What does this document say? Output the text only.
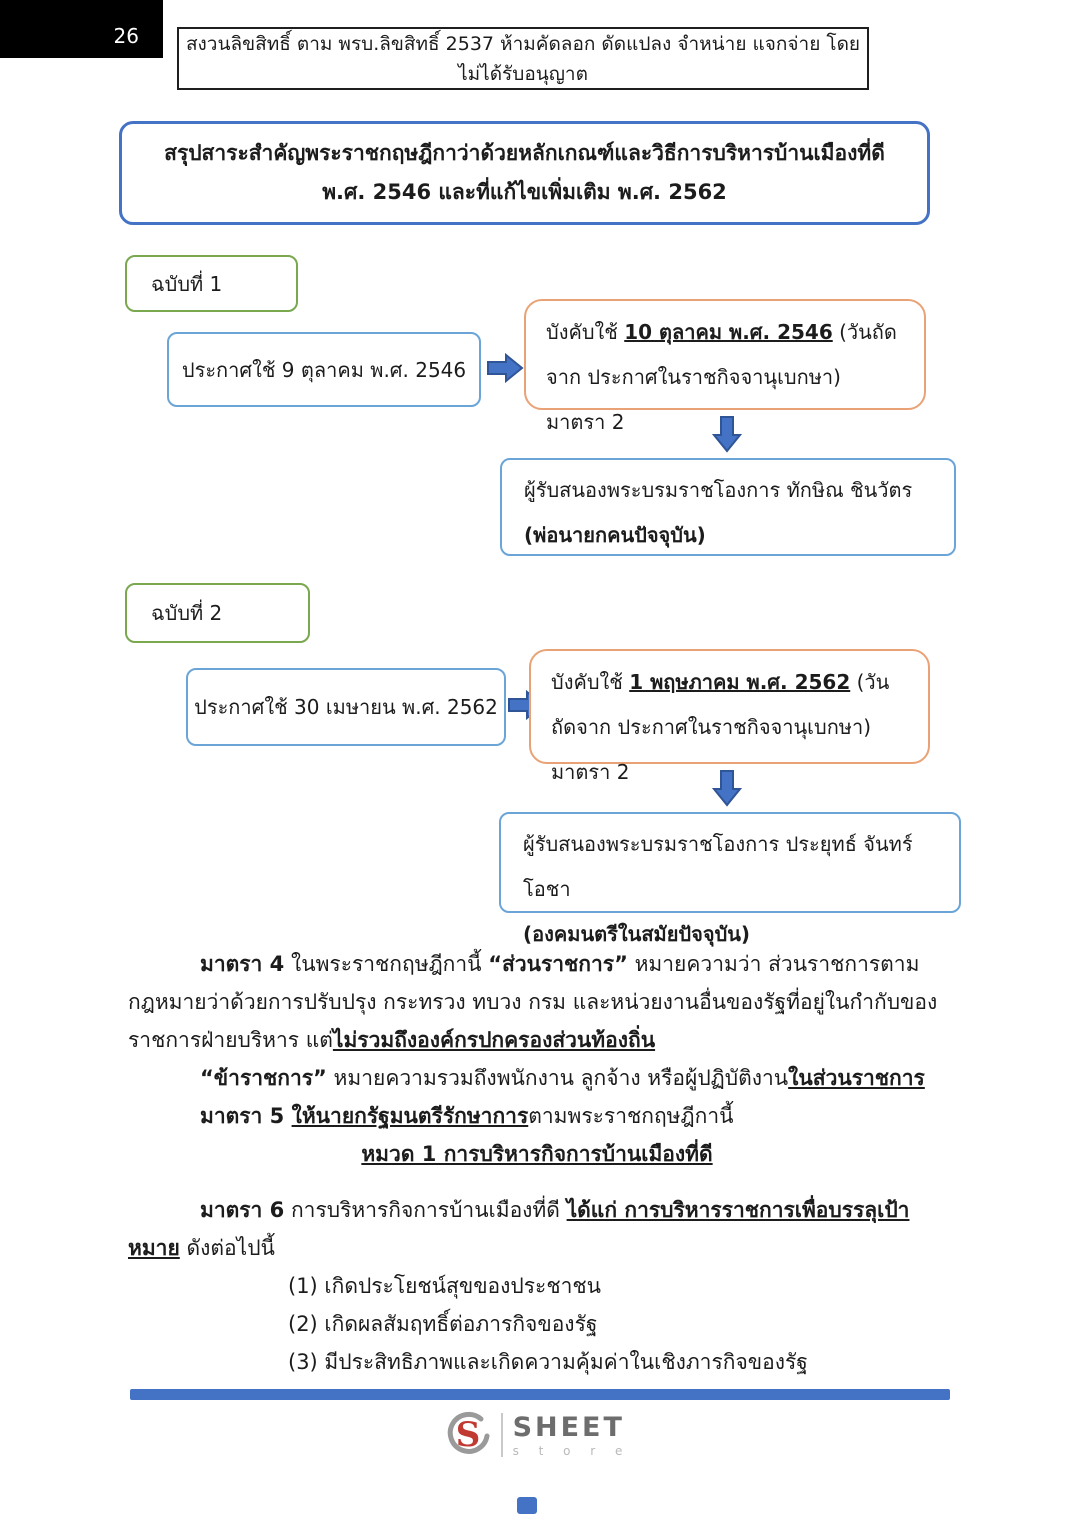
26	สงวนลิขสิทธิ์ ตาม พรบ.ลิขสิทธิ์ 2537 ห้ามคัดลอก ดัดแปลง จำหน่าย แจกจ่าย โดยไม่ได้รับอนุญาต
สรุปสาระสำคัญพระราชกฤษฎีกาว่าด้วยหลักเกณฑ์และวิธีการบริหารบ้านเมืองที่ดี พ.ศ. 2546 และที่แก้ไขเพิ่มเติม พ.ศ. 2562
ฉบับที่ 1
ประกาศใช้ 9 ตุลาคม พ.ศ. 2546
บังคับใช้ 10 ตุลาคม พ.ศ. 2546 (วันถัดจาก ประกาศในราชกิจจานุเบกษา) มาตรา 2
ผู้รับสนองพระบรมราชโองการ ทักษิณ ชินวัตร
(พ่อนายกคนปัจจุบัน)
ฉบับที่ 2
ประกาศใช้ 30 เมษายน พ.ศ. 2562
บังคับใช้ 1 พฤษภาคม พ.ศ. 2562 (วันถัดจาก ประกาศในราชกิจจานุเบกษา) มาตรา 2
ผู้รับสนองพระบรมราชโองการ ประยุทธ์ จันทร์โอชา
(องคมนตรีในสมัยปัจจุบัน)

มาตรา 4 ในพระราชกฤษฎีกานี้ “ส่วนราชการ” หมายความว่า ส่วนราชการตามกฎหมายว่าด้วยการปรับปรุง กระทรวง ทบวง กรม และหน่วยงานอื่นของรัฐที่อยู่ในกำกับของราชการฝ่ายบริหาร แต่ไม่รวมถึงองค์กรปกครองส่วนท้องถิ่น

“ข้าราชการ” หมายความรวมถึงพนักงาน ลูกจ้าง หรือผู้ปฏิบัติงานในส่วนราชการ

มาตรา 5 ให้นายกรัฐมนตรีรักษาการตามพระราชกฤษฎีกานี้

หมวด 1 การบริหารกิจการบ้านเมืองที่ดี

มาตรา 6 การบริหารกิจการบ้านเมืองที่ดี ได้แก่ การบริหารราชการเพื่อบรรลุเป้าหมาย ดังต่อไปนี้

(1) เกิดประโยชน์สุขของประชาชน
(2) เกิดผลสัมฤทธิ์ต่อภารกิจของรัฐ
(3) มีประสิทธิภาพและเกิดความคุ้มค่าในเชิงภารกิจของรัฐ
S SHEET
s t o r e
